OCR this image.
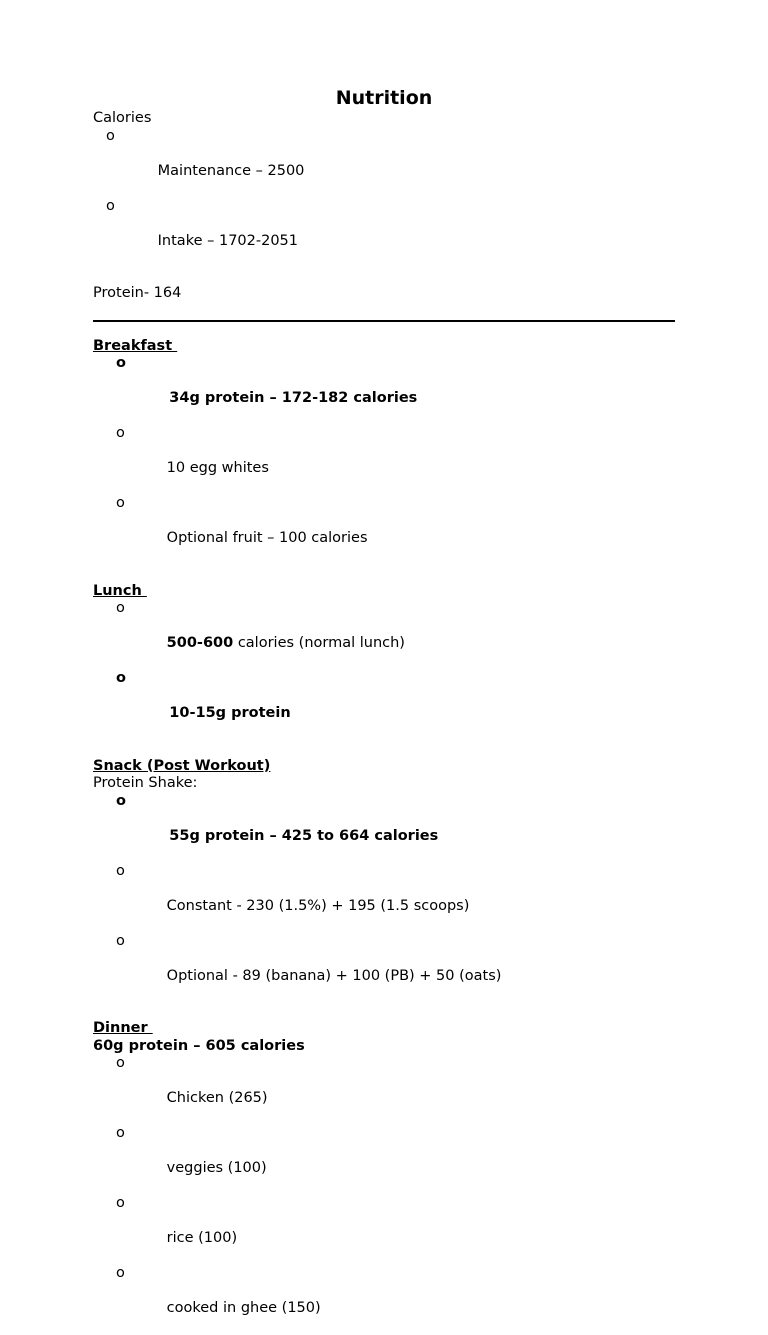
Nutrition
Calories

o

Maintenance – 2500

o

Intake – 1702-2051

Protein- 164
Breakfast

o

34g protein – 172-182 calories

o

10 egg whites

o

Optional fruit – 100 calories

Lunch

o

500-600 calories (normal lunch)

o

10-15g protein

Snack (Post Workout)
Protein Shake:

o

55g protein – 425 to 664 calories

o

Constant - 230 (1.5%) + 195 (1.5 scoops)

o

Optional - 89 (banana) + 100 (PB) + 50 (oats)

Dinner
60g protein – 605 calories

o

Chicken (265)

o

veggies (100)

o

rice (100)

o

cooked in ghee (150)
